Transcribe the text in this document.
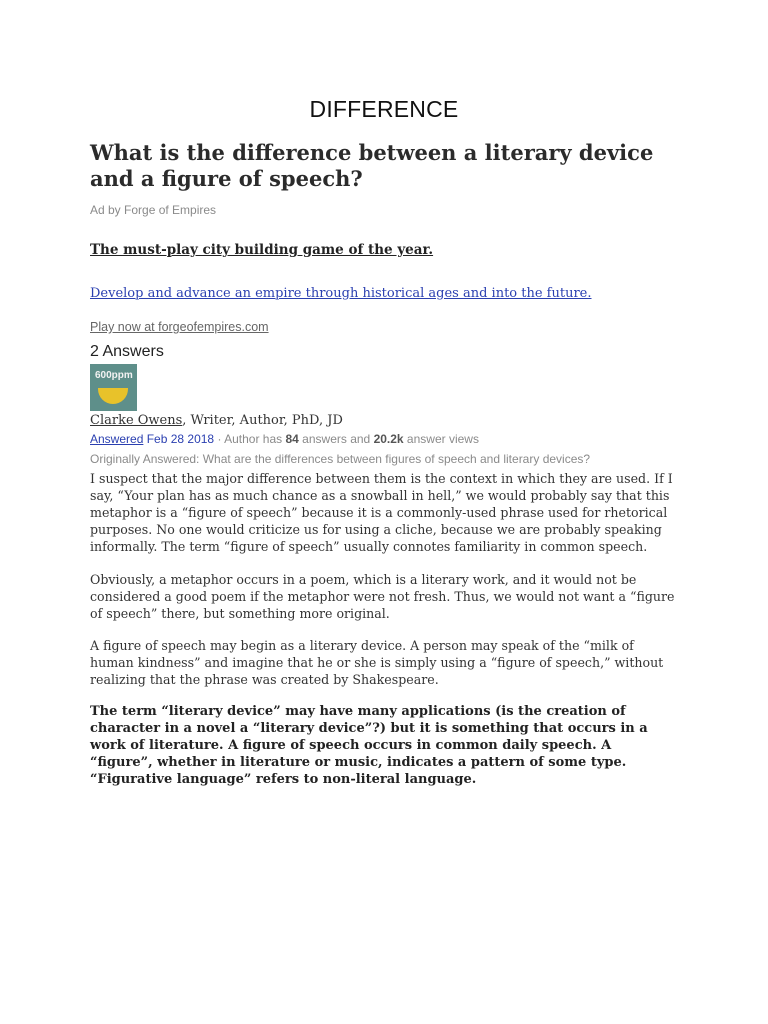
DIFFERENCE
What is the difference between a literary device and a figure of speech?
Ad by Forge of Empires
The must-play city building game of the year.
Develop and advance an empire through historical ages and into the future.
Play now at forgeofempires.com
2 Answers
600ppm
Clarke Owens, Writer, Author, PhD, JD
Answered Feb 28 2018 · Author has 84 answers and 20.2k answer views
Originally Answered: What are the differences between figures of speech and literary devices?

I suspect that the major difference between them is the context in which they are used. If I say, “Your plan has as much chance as a snowball in hell,” we would probably say that this metaphor is a “figure of speech” because it is a commonly-used phrase used for rhetorical purposes. No one would criticize us for using a cliche, because we are probably speaking informally. The term “figure of speech” usually connotes familiarity in common speech.

Obviously, a metaphor occurs in a poem, which is a literary work, and it would not be considered a good poem if the metaphor were not fresh. Thus, we would not want a “figure of speech” there, but something more original.

A figure of speech may begin as a literary device. A person may speak of the “milk of human kindness” and imagine that he or she is simply using a “figure of speech,” without realizing that the phrase was created by Shakespeare.

The term “literary device” may have many applications (is the creation of character in a novel a “literary device”?) but it is something that occurs in a work of literature. A figure of speech occurs in common daily speech. A “figure”, whether in literature or music, indicates a pattern of some type. “Figurative language” refers to non-literal language.
